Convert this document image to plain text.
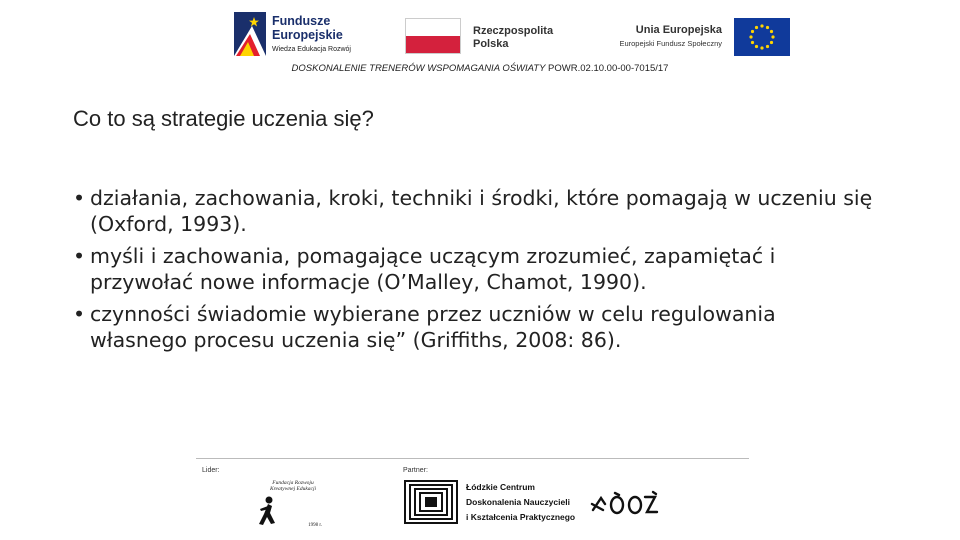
Fundusze
Europejskie
Wiedza Edukacja Rozwój
Rzeczpospolita
Polska
Unia Europejska
Europejski Fundusz Społeczny
DOSKONALENIE TRENERÓW WSPOMAGANIA OŚWIATY POWR.02.10.00-00-7015/17
Co to są strategie uczenia się?
• działania, zachowania, kroki, techniki i środki, które pomagają w uczeniu się (Oxford, 1993).
• myśli i zachowania, pomagające uczącym zrozumieć, zapamiętać i przywołać nowe informacje (O’Malley, Chamot, 1990).
• czynności świadomie wybierane przez uczniów w celu regulowania własnego procesu uczenia się” (Griffiths, 2008: 86).
Lider:	Partner:
Fundacja Rozwoju Kreatywnej Edukacji
1998 r.
Łódzkie Centrum
Doskonalenia Nauczycieli
i Kształcenia Praktycznego
